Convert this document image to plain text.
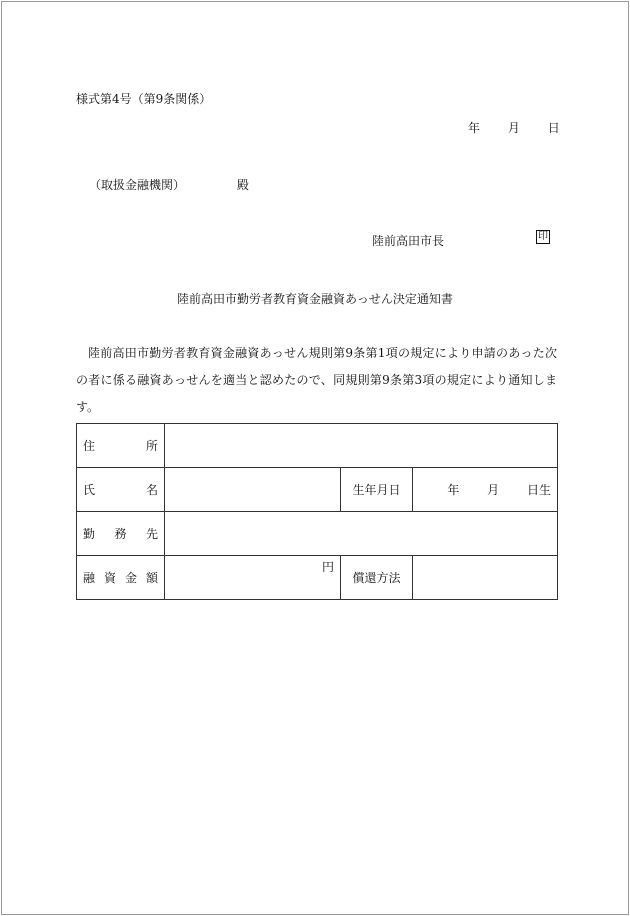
様式第4号（第9条関係）
年 月 日
（取扱金融機関）	殿
陸前高田市長	印
陸前高田市勤労者教育資金融資あっせん決定通知書

陸前高田市勤労者教育資金融資あっせん規則第9条第1項の規定により申請のあった次の者に係る融資あっせんを適当と認めたので、同規則第9条第3項の規定により通知します。

住 所			

氏 名		生年月日	年 月 日生

勤 務 先			

融 資 金 額	円	償還方法	
